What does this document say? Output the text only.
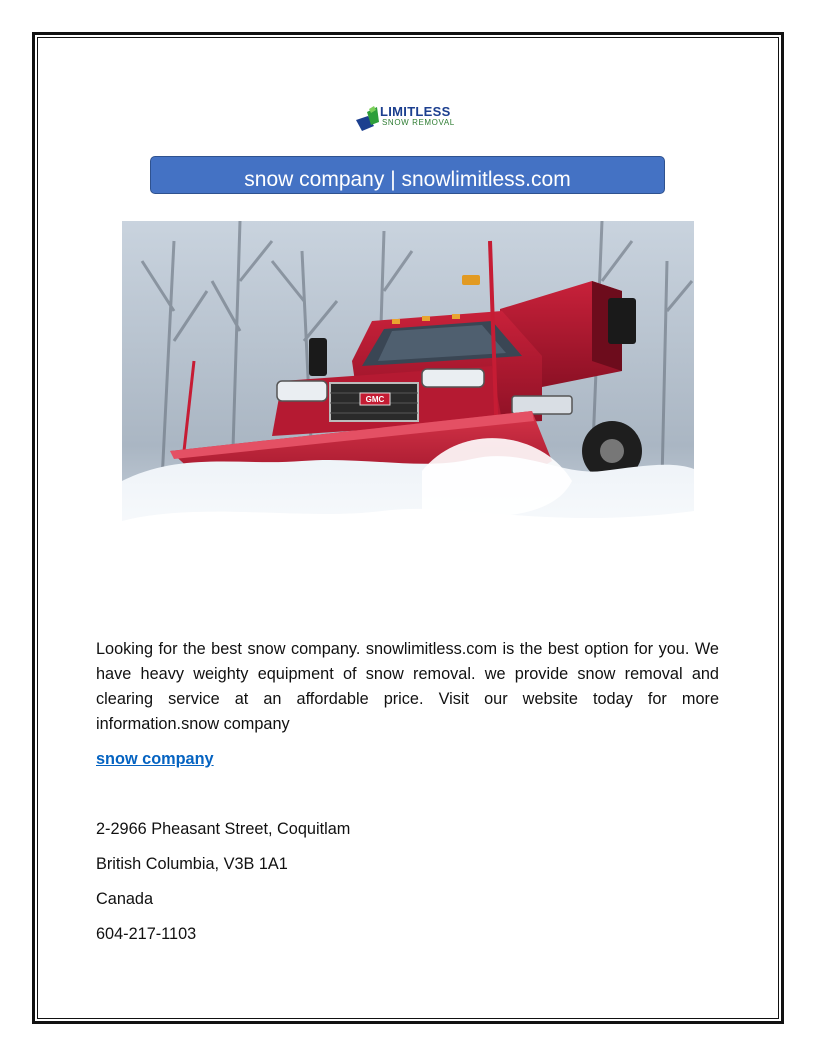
LIMITLESS
SNOW REMOVAL
snow company | snowlimitless.com
GMC

Looking for the best snow company. snowlimitless.com is the best option for you. We have heavy weighty equipment of snow removal. we provide snow removal and clearing service at an affordable price. Visit our website today for more information.snow company

snow company
2-2966 Pheasant Street, Coquitlam
British Columbia, V3B 1A1
Canada
604-217-1103
